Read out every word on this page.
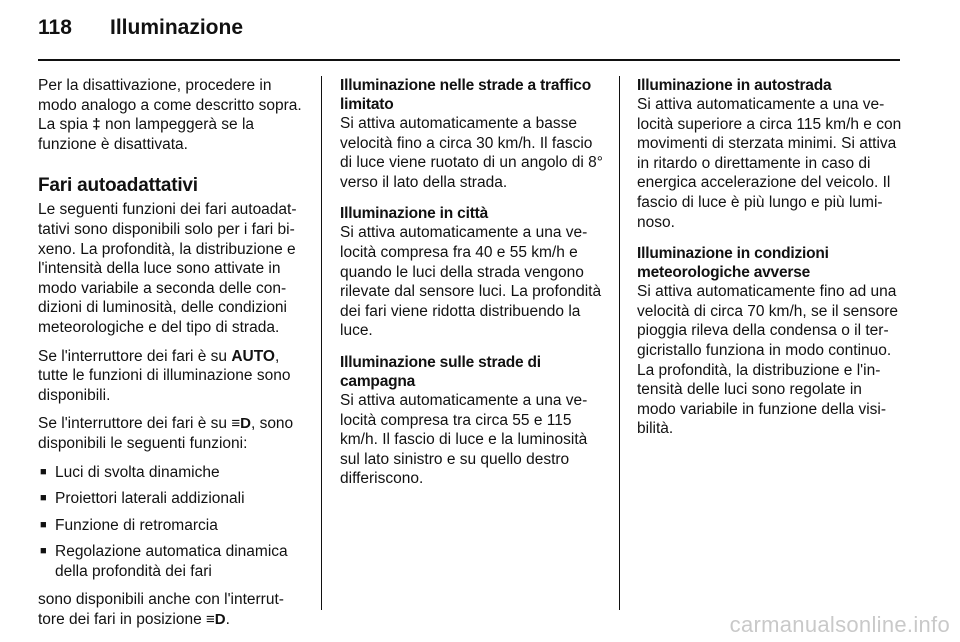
118	Illuminazione

Per la disattivazione, procedere in modo analogo a come descritto sopra. La spia ‡ non lampeggerà se la funzione è disattivata.

Fari autoadattativi

Le seguenti funzioni dei fari autoadattativi sono disponibili solo per i fari bixeno. La profondità, la distribuzione e l'intensità della luce sono attivate in modo variabile a seconda delle condizioni di luminosità, delle condizioni meteorologiche e del tipo di strada.

Se l'interruttore dei fari è su AUTO, tutte le funzioni di illuminazione sono disponibili.

Se l'interruttore dei fari è su ≡D, sono disponibili le seguenti funzioni:

■ Luci di svolta dinamiche
■ Proiettori laterali addizionali
■ Funzione di retromarcia
■ Regolazione automatica dinamica della profondità dei fari

sono disponibili anche con l'interruttore dei fari in posizione ≡D.

Illuminazione nelle strade a traffico limitato

Si attiva automaticamente a basse velocità fino a circa 30 km/h. Il fascio di luce viene ruotato di un angolo di 8° verso il lato della strada.

Illuminazione in città

Si attiva automaticamente a una velocità compresa fra 40 e 55 km/h e quando le luci della strada vengono rilevate dal sensore luci. La profondità dei fari viene ridotta distribuendo la luce.

Illuminazione sulle strade di campagna

Si attiva automaticamente a una velocità compresa tra circa 55 e 115 km/h. Il fascio di luce e la luminosità sul lato sinistro e su quello destro differiscono.

Illuminazione in autostrada

Si attiva automaticamente a una velocità superiore a circa 115 km/h e con movimenti di sterzata minimi. Si attiva in ritardo o direttamente in caso di energica accelerazione del veicolo. Il fascio di luce è più lungo e più luminoso.

Illuminazione in condizioni meteorologiche avverse

Si attiva automaticamente fino ad una velocità di circa 70 km/h, se il sensore pioggia rileva della condensa o il tergicristallo funziona in modo continuo. La profondità, la distribuzione e l'intensità delle luci sono regolate in modo variabile in funzione della visibilità.

carmanualsonline.info
